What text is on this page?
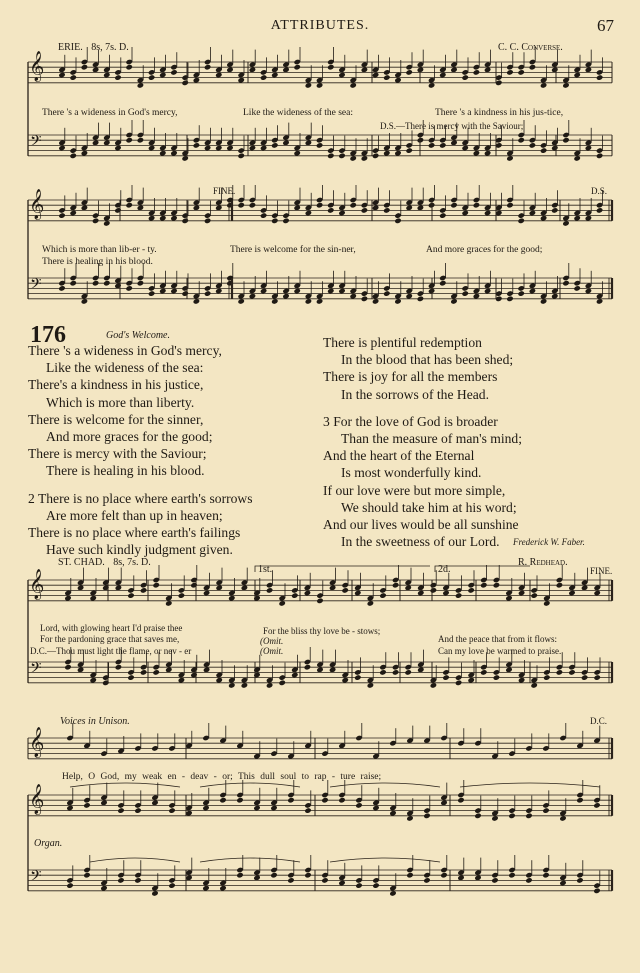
ATTRIBUTES.	67
ERIE. 8s, 7s. D.	C. C. Converse.
𝄞
𝄢
𝄞
𝄢
𝄞
𝄢
𝄞
𝄞
𝄢
There 's a wideness in God's mercy,	Like the wideness of the sea:	There 's a kindness in his jus-tice,
D.S.—There is mercy with the Saviour;
FINE.	D.S.
Which is more than lib-er - ty.
There is healing in his blood.
There is welcome for the sin-ner,	And more graces for the good;
176	God's Welcome.
There 's a wideness in God's mercy,
Like the wideness of the sea:
There's a kindness in his justice,
Which is more than liberty.
There is welcome for the sinner,
And more graces for the good;
There is mercy with the Saviour;
There is healing in his blood.
2 There is no place where earth's sorrows
Are more felt than up in heaven;
There is no place where earth's failings
Have such kindly judgment given.
There is plentiful redemption
In the blood that has been shed;
There is joy for all the members
In the sorrows of the Head.
3 For the love of God is broader
Than the measure of man's mind;
And the heart of the Eternal
Is most wonderfully kind.
If our love were but more simple,
We should take him at his word;
And our lives would be all sunshine
In the sweetness of our Lord.	Frederick W. Faber.
ST. CHAD. 8s, 7s. D.
1st.	2d.
R. Redhead.
FINE.
Lord, with glowing heart I'd praise thee
For the pardoning grace that saves me,
D.C.—Thou must light the flame, or nev - er
For the bliss thy love be - stows;
(Omit.
(Omit.
And the peace that from it flows:
Can my love be warmed to praise.
Voices in Unison.	D.C.
Help, O God, my weak en - deav - or; This dull soul to rap - ture raise;
Organ.
